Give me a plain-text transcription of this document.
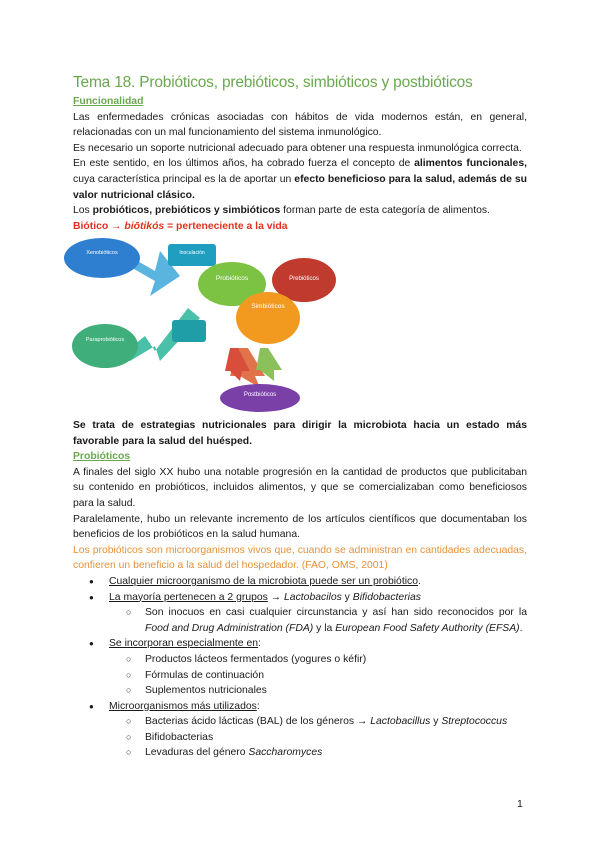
Tema 18. Probióticos, prebióticos, simbióticos y postbióticos

Funcionalidad

Las enfermedades crónicas asociadas con hábitos de vida modernos están, en general, relacionadas con un mal funcionamiento del sistema inmunológico.

Es necesario un soporte nutricional adecuado para obtener una respuesta inmunológica correcta.

En este sentido, en los últimos años, ha cobrado fuerza el concepto de alimentos funcionales, cuya característica principal es la de aportar un efecto beneficioso para la salud, además de su valor nutricional clásico.

Los probióticos, prebióticos y simbióticos forman parte de esta categoría de alimentos.

Biótico → biōtikós = perteneciente a la vida

Xenobióticos	Inoculación
Probióticos	Prebióticos
Simbióticos
Paraprobióticos
Postbióticos

Se trata de estrategias nutricionales para dirigir la microbiota hacia un estado más favorable para la salud del huésped.

Probióticos

A finales del siglo XX hubo una notable progresión en la cantidad de productos que publicitaban su contenido en probióticos, incluidos alimentos, y que se comercializaban como beneficiosos para la salud.

Paralelamente, hubo un relevante incremento de los artículos científicos que documentaban los beneficios de los probióticos en la salud humana.

Los probióticos son microorganismos vivos que, cuando se administran en cantidades adecuadas, confieren un beneficio a la salud del hospedador. (FAO, OMS, 2001)

● Cualquier microorganismo de la microbiota puede ser un probiótico.
● La mayoría pertenecen a 2 grupos → Lactobacilos y Bifidobacterias
○ Son inocuos en casi cualquier circunstancia y así han sido reconocidos por la Food and Drug Administration (FDA) y la European Food Safety Authority (EFSA).
● Se incorporan especialmente en:
○ Productos lácteos fermentados (yogures o kéfir)
○ Fórmulas de continuación
○ Suplementos nutricionales
● Microorganismos más utilizados:
○ Bacterias ácido lácticas (BAL) de los géneros → Lactobacillus y Streptococcus
○ Bifidobacterias
○ Levaduras del género Saccharomyces
1
